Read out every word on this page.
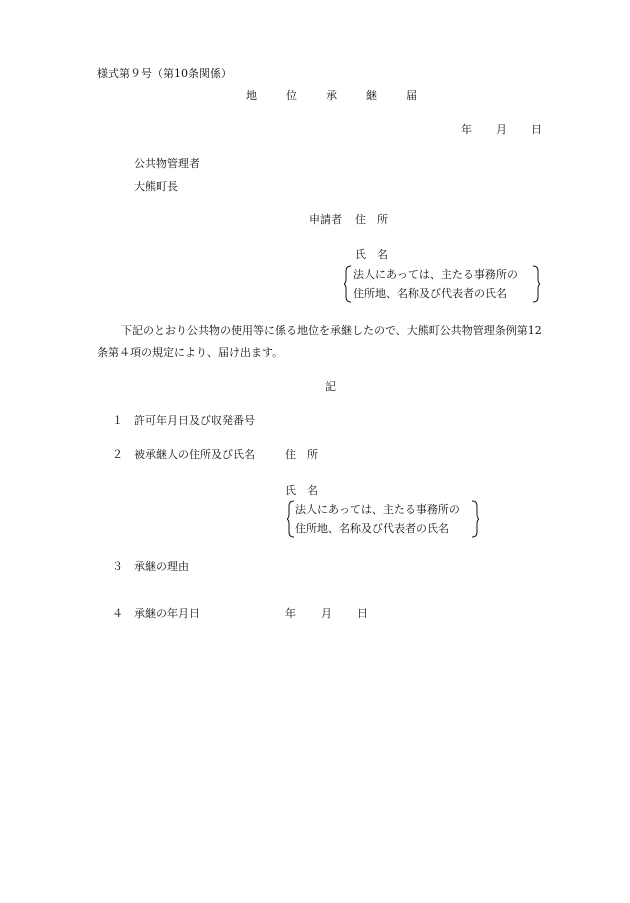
様式第９号（第10条関係）
地	位	承	継	届
年 月 日
公共物管理者
大熊町長
申請者 住　所
氏　名
法人にあっては、主たる事務所の
住所地、名称及び代表者の氏名
下記のとおり公共物の使用等に係る地位を承継したので、大熊町公共物管理条例第12
条第４項の規定により、届け出ます。
記
１ 許可年月日及び収発番号
２ 被承継人の住所及び氏名	住　所
氏　名
法人にあっては、主たる事務所の
住所地、名称及び代表者の氏名
３ 承継の理由
４ 承継の年月日	年 月 日
